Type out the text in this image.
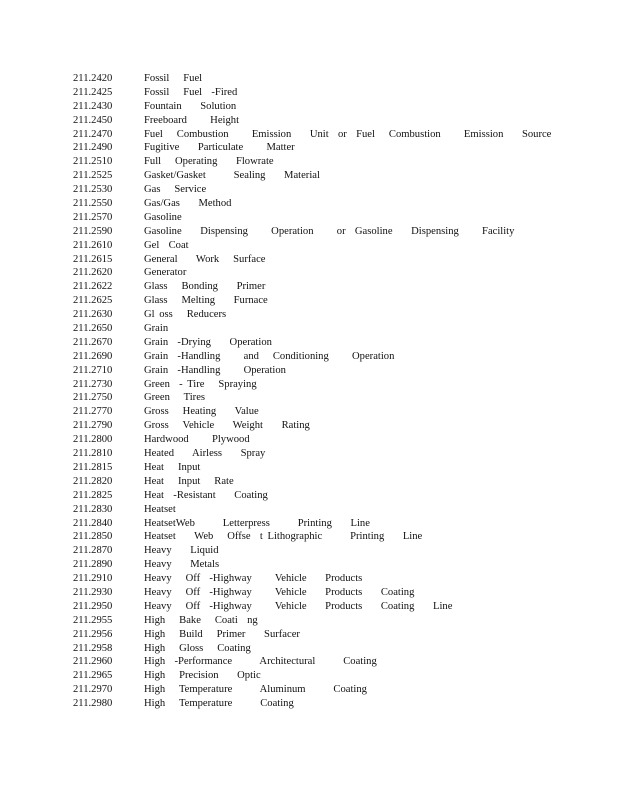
211.2420	Fossil   Fuel
211.2425	Fossil   Fuel  -Fired
211.2430	Fountain    Solution
211.2450	Freeboard     Height
211.2470	Fuel   Combustion     Emission    Unit  or  Fuel   Combustion     Emission    Source
211.2490	Fugitive    Particulate     Matter
211.2510	Full   Operating    Flowrate
211.2525	Gasket/Gasket      Sealing    Material
211.2530	Gas   Service
211.2550	Gas/Gas    Method
211.2570	Gasoline
211.2590	Gasoline    Dispensing     Operation     or  Gasoline    Dispensing     Facility
211.2610	Gel  Coat
211.2615	General    Work   Surface
211.2620	Generator
211.2622	Glass   Bonding    Primer
211.2625	Glass   Melting    Furnace
211.2630	Gl oss   Reducers
211.2650	Grain
211.2670	Grain  -Drying    Operation
211.2690	Grain  -Handling     and   Conditioning     Operation
211.2710	Grain  -Handling     Operation
211.2730	Green  - Tire   Spraying
211.2750	Green   Tires
211.2770	Gross   Heating    Value
211.2790	Gross   Vehicle    Weight    Rating
211.2800	Hardwood     Plywood
211.2810	Heated    Airless    Spray
211.2815	Heat   Input
211.2820	Heat   Input   Rate
211.2825	Heat  -Resistant    Coating
211.2830	Heatset
211.2840	HeatsetWeb      Letterpress      Printing    Line
211.2850	Heatset    Web   Offse  t Lithographic      Printing    Line
211.2870	Heavy    Liquid
211.2890	Heavy    Metals
211.2910	Heavy   Off  -Highway     Vehicle    Products
211.2930	Heavy   Off  -Highway     Vehicle    Products    Coating
211.2950	Heavy   Off  -Highway     Vehicle    Products    Coating    Line
211.2955	High   Bake   Coati  ng
211.2956	High   Build   Primer    Surfacer
211.2958	High   Gloss   Coating
211.2960	High  -Performance      Architectural      Coating
211.2965	High   Precision    Optic
211.2970	High   Temperature      Aluminum      Coating
211.2980	High   Temperature      Coating
